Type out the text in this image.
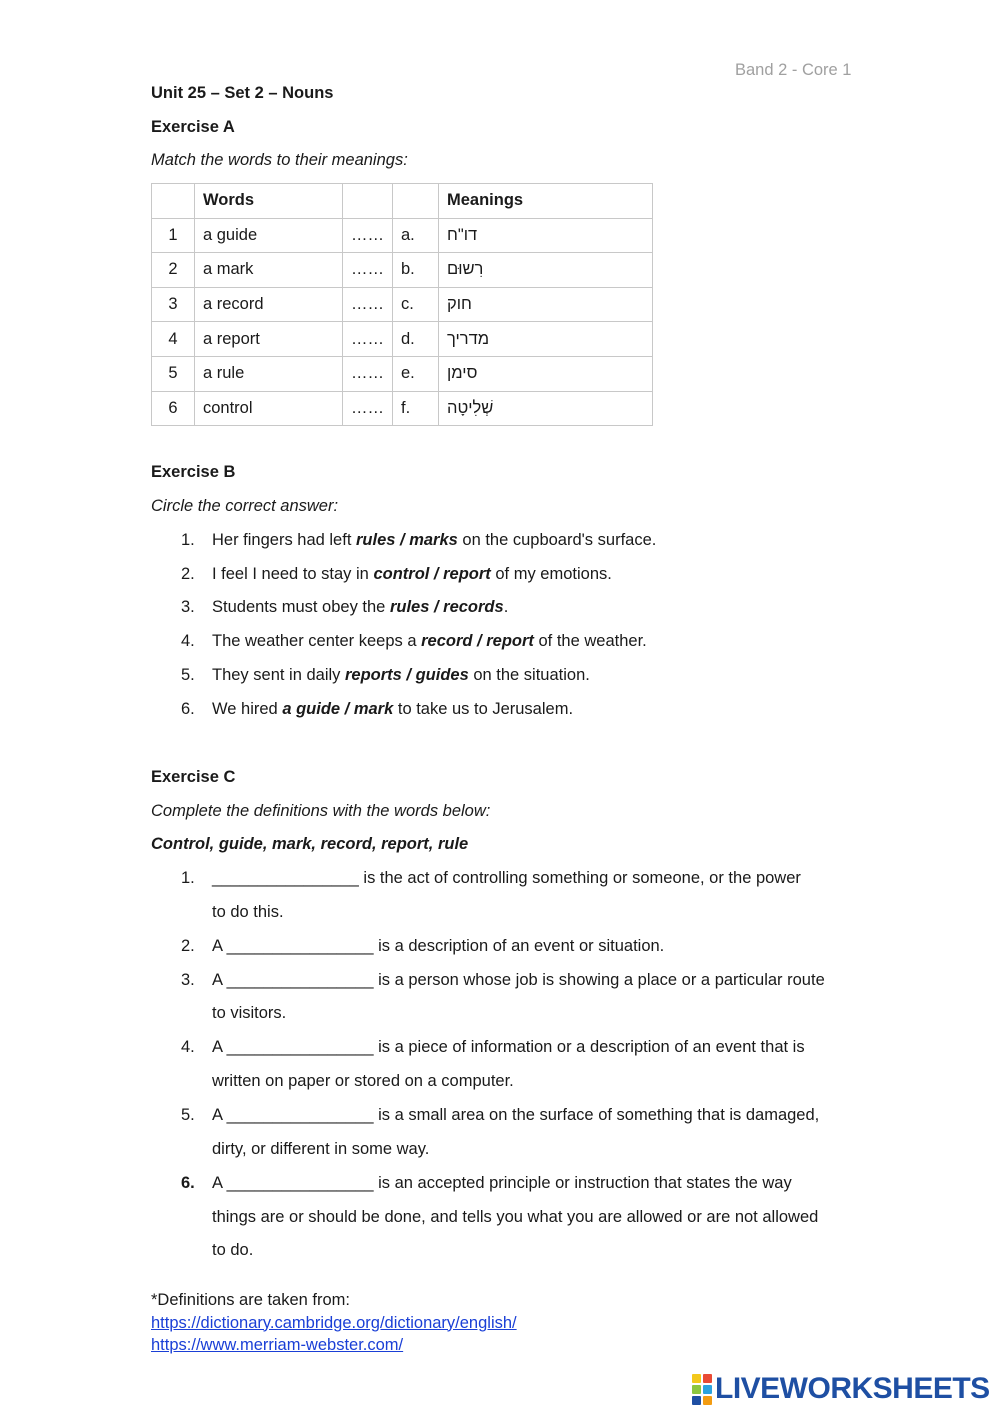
Band 2 - Core 1
Unit 25 – Set 2 – Nouns
Exercise A
Match the words to their meanings:
	Words			Meanings
1	a guide	……	a.	דו"ח
2	a mark	……	b.	רִשוּם
3	a record	……	c.	חוק
4	a report	……	d.	מדריך
5	a rule	……	e.	סימן
6	control	……	f.	שְׁלִיטָה
Exercise B
Circle the correct answer:
1. Her fingers had left rules / marks on the cupboard's surface.
2. I feel I need to stay in control / report of my emotions.
3. Students must obey the rules / records.
4. The weather center keeps a record / report of the weather.
5. They sent in daily reports / guides on the situation.
6. We hired a guide / mark to take us to Jerusalem.
Exercise C
Complete the definitions with the words below:
Control, guide, mark, record, report, rule
1. ________________ is the act of controlling something or someone, or the power
to do this.
2. A ________________ is a description of an event or situation.
3. A ________________ is a person whose job is showing a place or a particular route
to visitors.
4. A ________________ is a piece of information or a description of an event that is
written on paper or stored on a computer.
5. A ________________ is a small area on the surface of something that is damaged,
dirty, or different in some way.
6. A ________________ is an accepted principle or instruction that states the way
things are or should be done, and tells you what you are allowed or are not allowed
to do.
*Definitions are taken from:
https://dictionary.cambridge.org/dictionary/english/
https://www.merriam-webster.com/
LIVEWORKSHEETS
